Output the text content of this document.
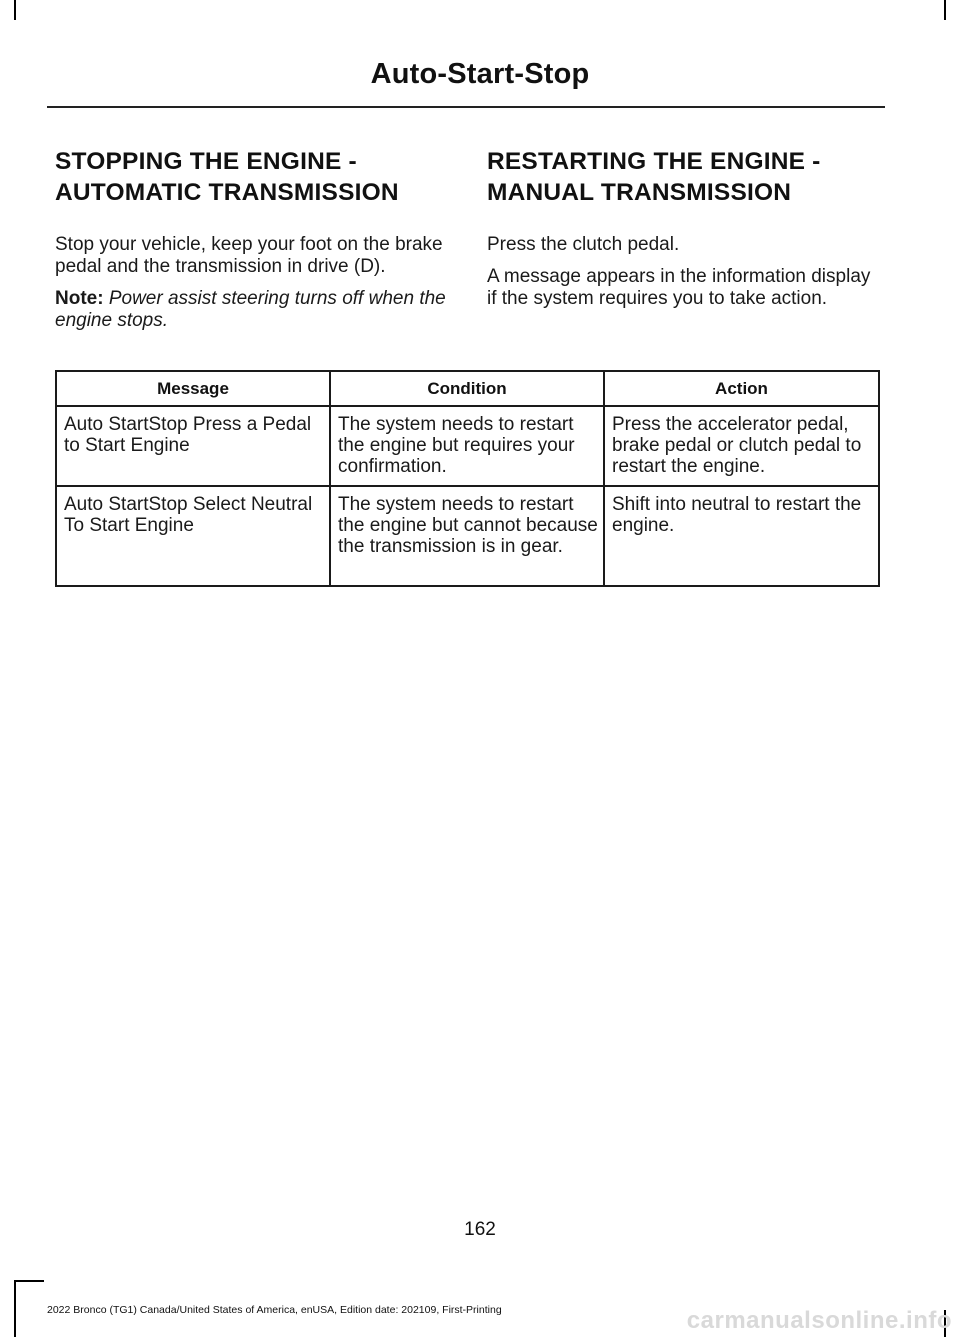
Auto-Start-Stop
STOPPING THE ENGINE -
AUTOMATIC TRANSMISSION

Stop your vehicle, keep your foot on the brake pedal and the transmission in drive (D).

Note: Power assist steering turns off when the engine stops.

RESTARTING THE ENGINE -
MANUAL TRANSMISSION

Press the clutch pedal.

A message appears in the information display if the system requires you to take action.

Message	Condition	Action
Auto StartStop Press a Pedal to Start Engine	The system needs to restart the engine but requires your confirmation.	Press the accelerator pedal, brake pedal or clutch pedal to restart the engine.
Auto StartStop Select Neutral To Start Engine	The system needs to restart the engine but cannot because the transmission is in gear.	Shift into neutral to restart the engine.
162
2022 Bronco (TG1) Canada/United States of America, enUSA, Edition date: 202109, First-Printing	carmanualsonline.info
